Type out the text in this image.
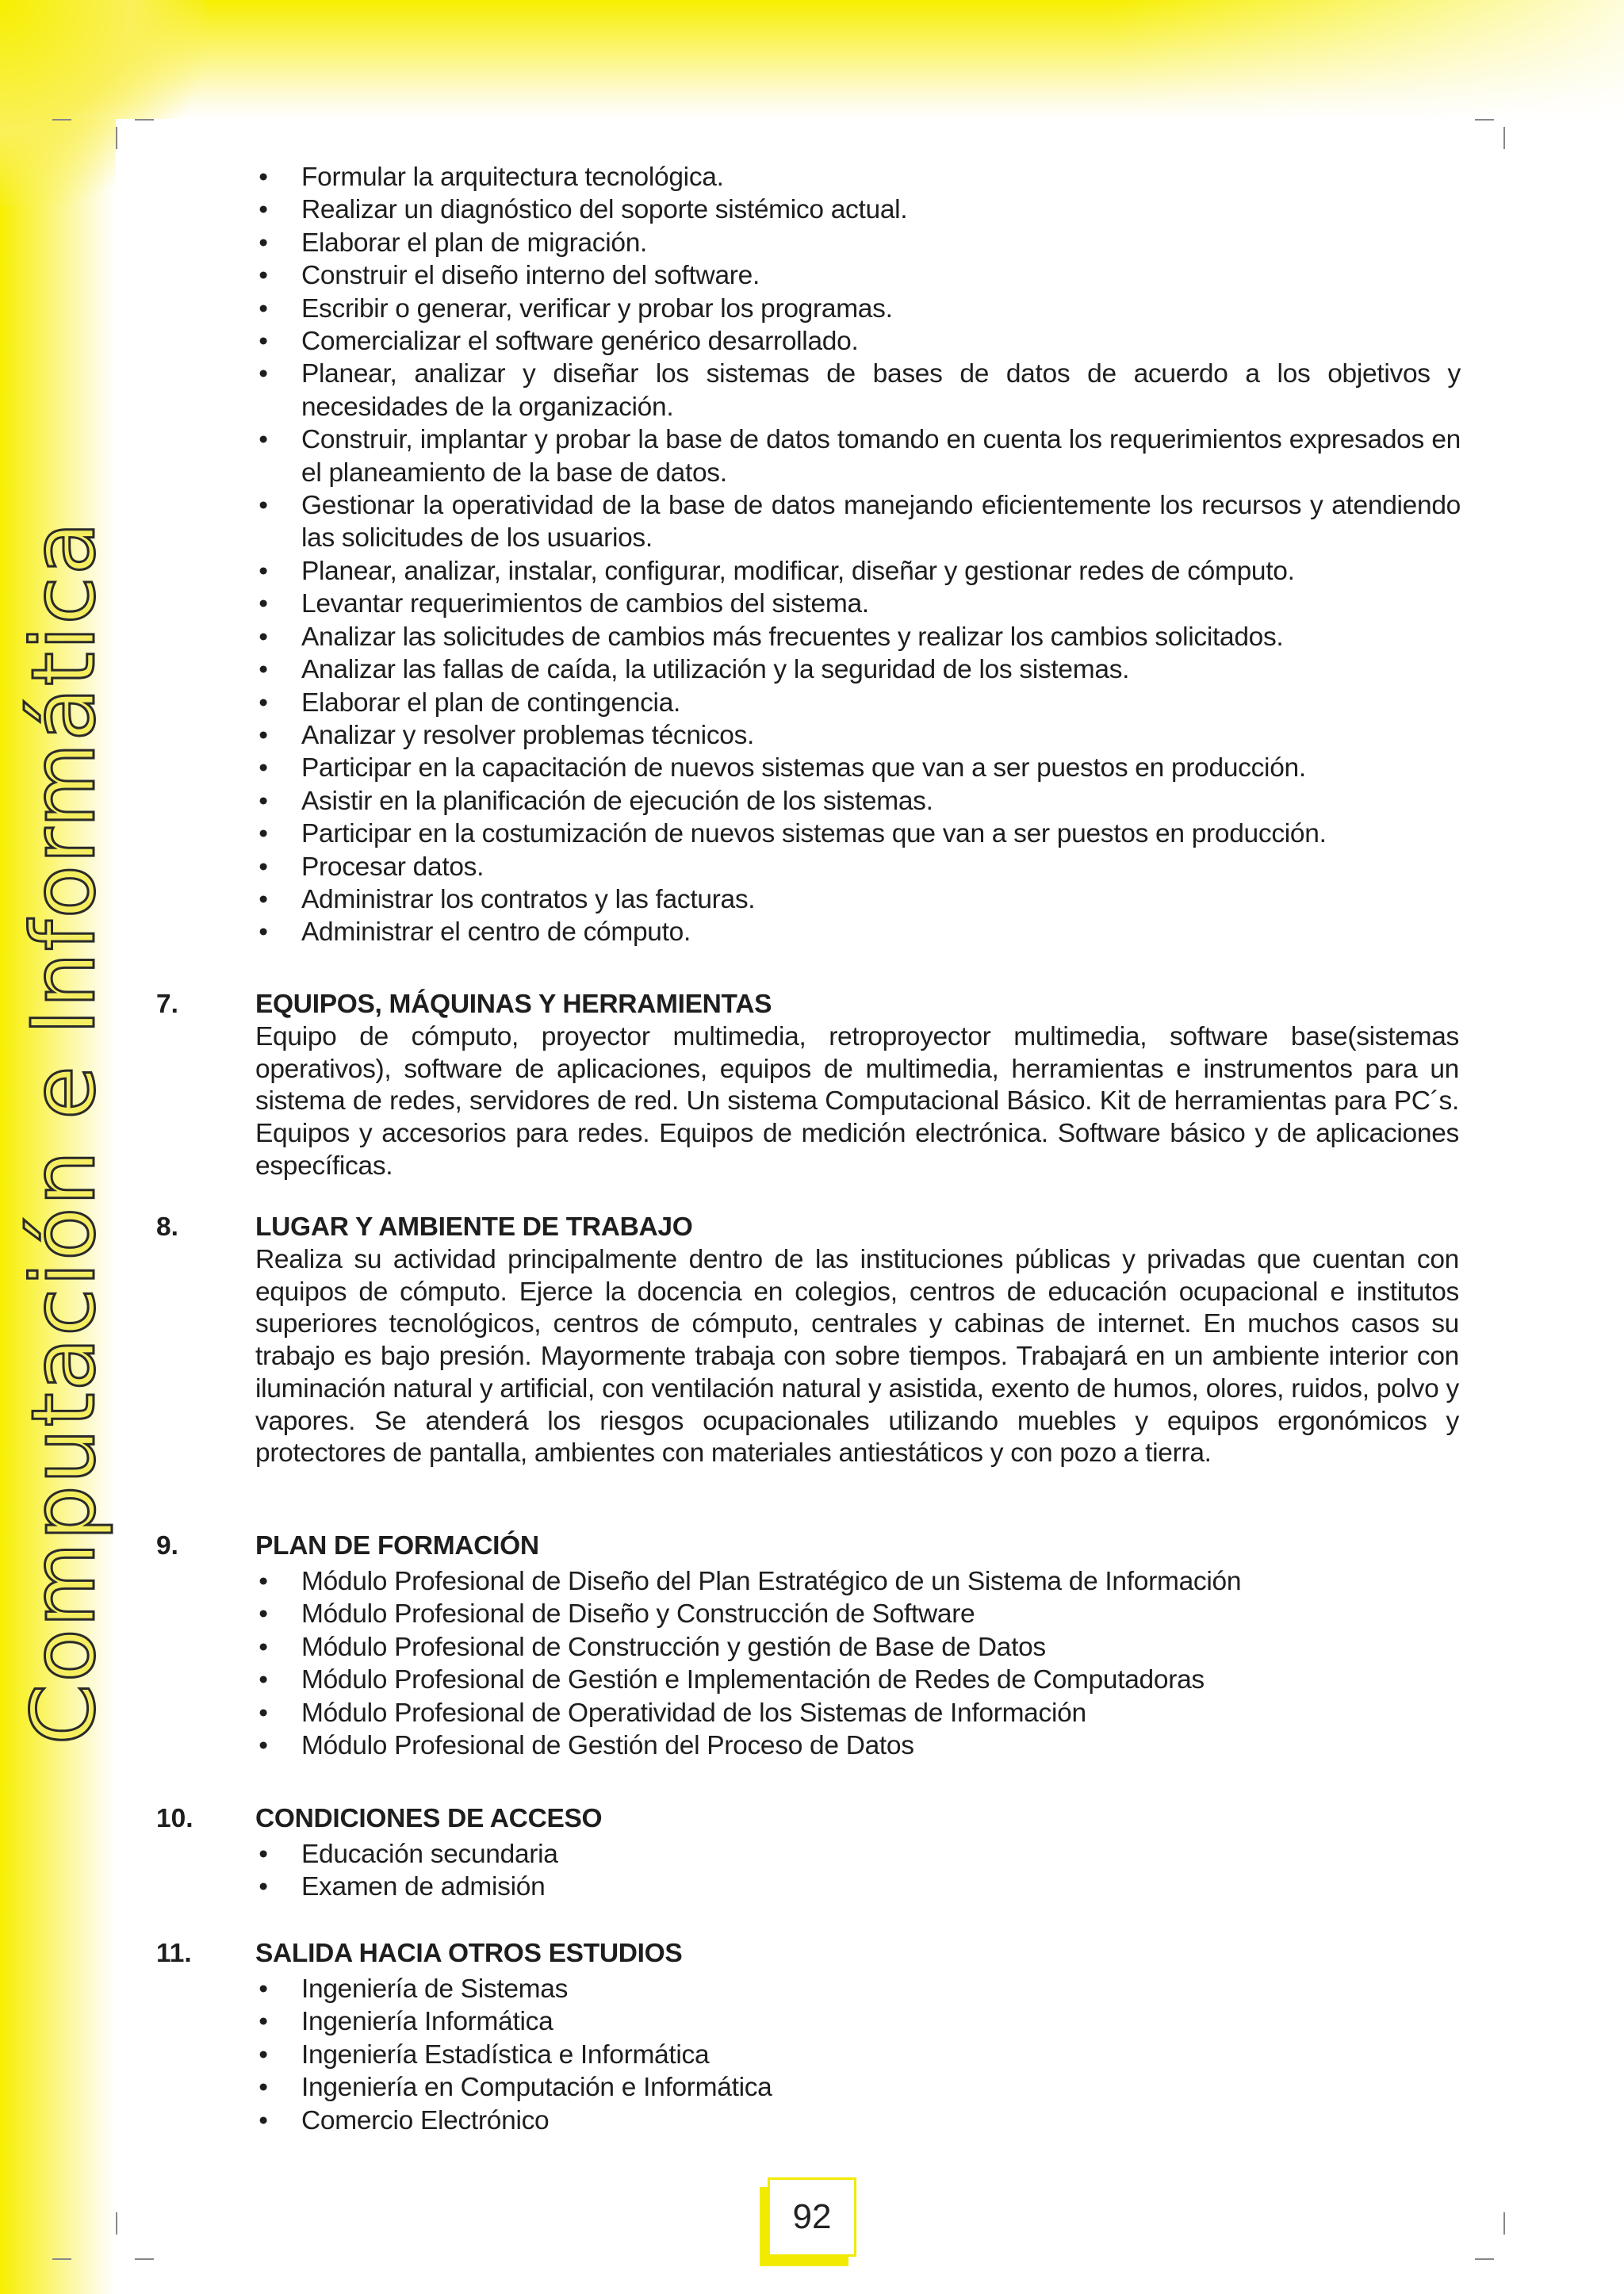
Computación e Informática
• Formular la arquitectura tecnológica.
• Realizar un diagnóstico del soporte sistémico actual.
• Elaborar el plan de migración.
• Construir el diseño interno del software.
• Escribir o generar, verificar y probar los programas.
• Comercializar el software genérico desarrollado.
• Planear, analizar y diseñar los sistemas de bases de datos de acuerdo a los objetivos y necesidades de la organización.
• Construir, implantar y probar la base de datos tomando en cuenta los requerimientos expresados en el planeamiento de la base de datos.
• Gestionar la operatividad de la base de datos manejando eficientemente los recursos y atendiendo las solicitudes de los usuarios.
• Planear, analizar, instalar, configurar, modificar, diseñar y gestionar redes de cómputo.
• Levantar requerimientos de cambios del sistema.
• Analizar las solicitudes de cambios más frecuentes y realizar los cambios solicitados.
• Analizar las fallas de caída, la utilización y la seguridad de los sistemas.
• Elaborar el plan de contingencia.
• Analizar y resolver problemas técnicos.
• Participar en la capacitación de nuevos sistemas que van a ser puestos en producción.
• Asistir en la planificación de ejecución de los sistemas.
• Participar en la costumización de nuevos sistemas que van a ser puestos en producción.
• Procesar datos.
• Administrar los contratos y las facturas.
• Administrar el centro de cómputo.
7.	EQUIPOS, MÁQUINAS Y HERRAMIENTAS

Equipo de cómputo, proyector multimedia, retroproyector multimedia, software base(sistemas operativos), software de aplicaciones, equipos de multimedia, herramientas e instrumentos para un sistema de redes, servidores de red. Un sistema Computacional Básico. Kit de herramientas para PC´s. Equipos y accesorios para redes. Equipos de medición electrónica. Software básico y de aplicaciones específicas.

8.	LUGAR Y AMBIENTE DE TRABAJO

Realiza su actividad principalmente dentro de las instituciones públicas y privadas que cuentan con equipos de cómputo. Ejerce la docencia en colegios, centros de educación ocupacional e institutos superiores tecnológicos, centros de cómputo, centrales y cabinas de internet. En muchos casos su trabajo es bajo presión. Mayormente trabaja con sobre tiempos. Trabajará en un ambiente interior con iluminación natural y artificial, con ventilación natural y asistida, exento de humos, olores, ruidos, polvo y vapores. Se atenderá los riesgos ocupacionales utilizando muebles y equipos ergonómicos y protectores de pantalla, ambientes con materiales antiestáticos y con pozo a tierra.

9.	PLAN DE FORMACIÓN
• Módulo Profesional de Diseño del Plan Estratégico de un Sistema de Información
• Módulo Profesional de Diseño y Construcción de Software
• Módulo Profesional de Construcción y gestión de Base de Datos
• Módulo Profesional de Gestión e Implementación de Redes de Computadoras
• Módulo Profesional de Operatividad de los Sistemas de Información
• Módulo Profesional de Gestión del Proceso de Datos
10. CONDICIONES DE ACCESO
• Educación secundaria
• Examen de admisión
11. SALIDA HACIA OTROS ESTUDIOS
• Ingeniería de Sistemas
• Ingeniería Informática
• Ingeniería Estadística e Informática
• Ingeniería en Computación e Informática
• Comercio Electrónico
92
